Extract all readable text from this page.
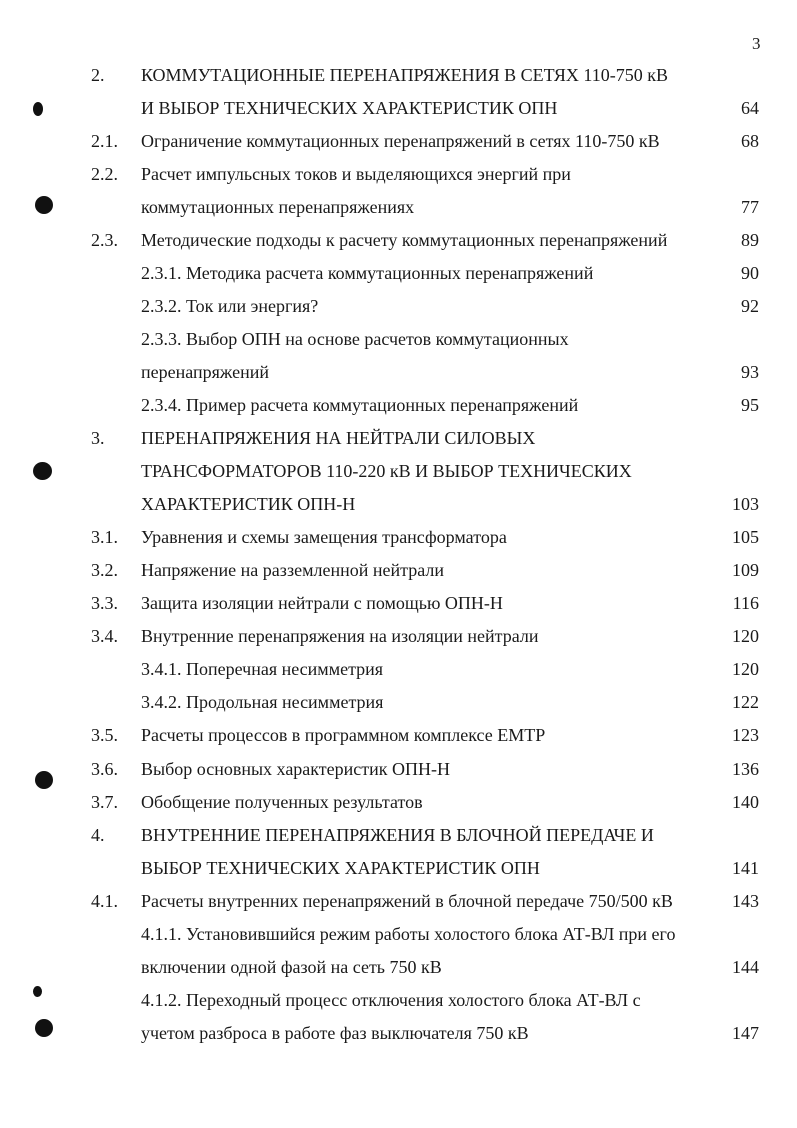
3
2. КОММУТАЦИОННЫЕ ПЕРЕНАПРЯЖЕНИЯ В СЕТЯХ 110-750 кВ
И ВЫБОР ТЕХНИЧЕСКИХ ХАРАКТЕРИСТИК ОПН	64
2.1. Ограничение коммутационных перенапряжений в сетях 110-750 кВ	68
2.2. Расчет импульсных токов и выделяющихся энергий при
коммутационных перенапряжениях	77
2.3. Методические подходы к расчету коммутационных перенапряжений	89
2.3.1. Методика расчета коммутационных перенапряжений	90
2.3.2. Ток или энергия?	92
2.3.3. Выбор ОПН на основе расчетов коммутационных
перенапряжений	93
2.3.4. Пример расчета коммутационных перенапряжений	95
3. ПЕРЕНАПРЯЖЕНИЯ НА НЕЙТРАЛИ СИЛОВЫХ
ТРАНСФОРМАТОРОВ 110-220 кВ И ВЫБОР ТЕХНИЧЕСКИХ
ХАРАКТЕРИСТИК ОПН-Н	103
3.1. Уравнения и схемы замещения трансформатора	105
3.2. Напряжение на разземленной нейтрали	109
3.3. Защита изоляции нейтрали с помощью ОПН-Н	116
3.4. Внутренние перенапряжения на изоляции нейтрали	120
3.4.1. Поперечная несимметрия	120
3.4.2. Продольная несимметрия	122
3.5. Расчеты процессов в программном комплексе EMTP	123
3.6. Выбор основных характеристик ОПН-Н	136
3.7. Обобщение полученных результатов	140
4. ВНУТРЕННИЕ ПЕРЕНАПРЯЖЕНИЯ В БЛОЧНОЙ ПЕРЕДАЧЕ И
ВЫБОР ТЕХНИЧЕСКИХ ХАРАКТЕРИСТИК ОПН	141
4.1. Расчеты внутренних перенапряжений в блочной передаче 750/500 кВ	143
4.1.1. Установившийся режим работы холостого блока АТ-ВЛ при его
включении одной фазой на сеть 750 кВ	144
4.1.2. Переходный процесс отключения холостого блока АТ-ВЛ с
учетом разброса в работе фаз выключателя 750 кВ	147
